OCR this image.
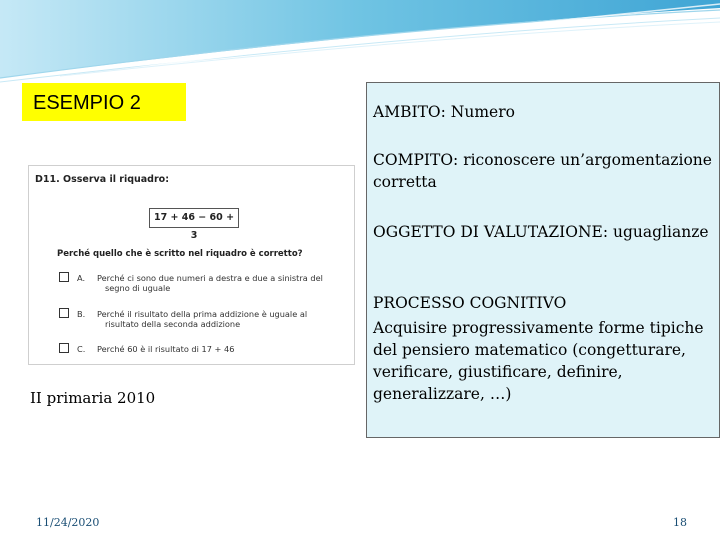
ESEMPIO 2
D11. Osserva il riquadro:
17 + 46 − 60 + 3
Perché quello che è scritto nel riquadro è corretto?
A. Perché ci sono due numeri a destra e due a sinistra del
segno di uguale
B. Perché il risultato della prima addizione è uguale al
risultato della seconda addizione
C. Perché 60 è il risultato di 17 + 46
II primaria 2010

AMBITO: Numero

COMPITO: riconoscere un’argomentazione corretta

OGGETTO DI VALUTAZIONE: uguaglianze

PROCESSO COGNITIVO

Acquisire progressivamente forme tipiche del pensiero matematico (congetturare, verificare, giustificare, definire, generalizzare, …)

11/24/2020	18
